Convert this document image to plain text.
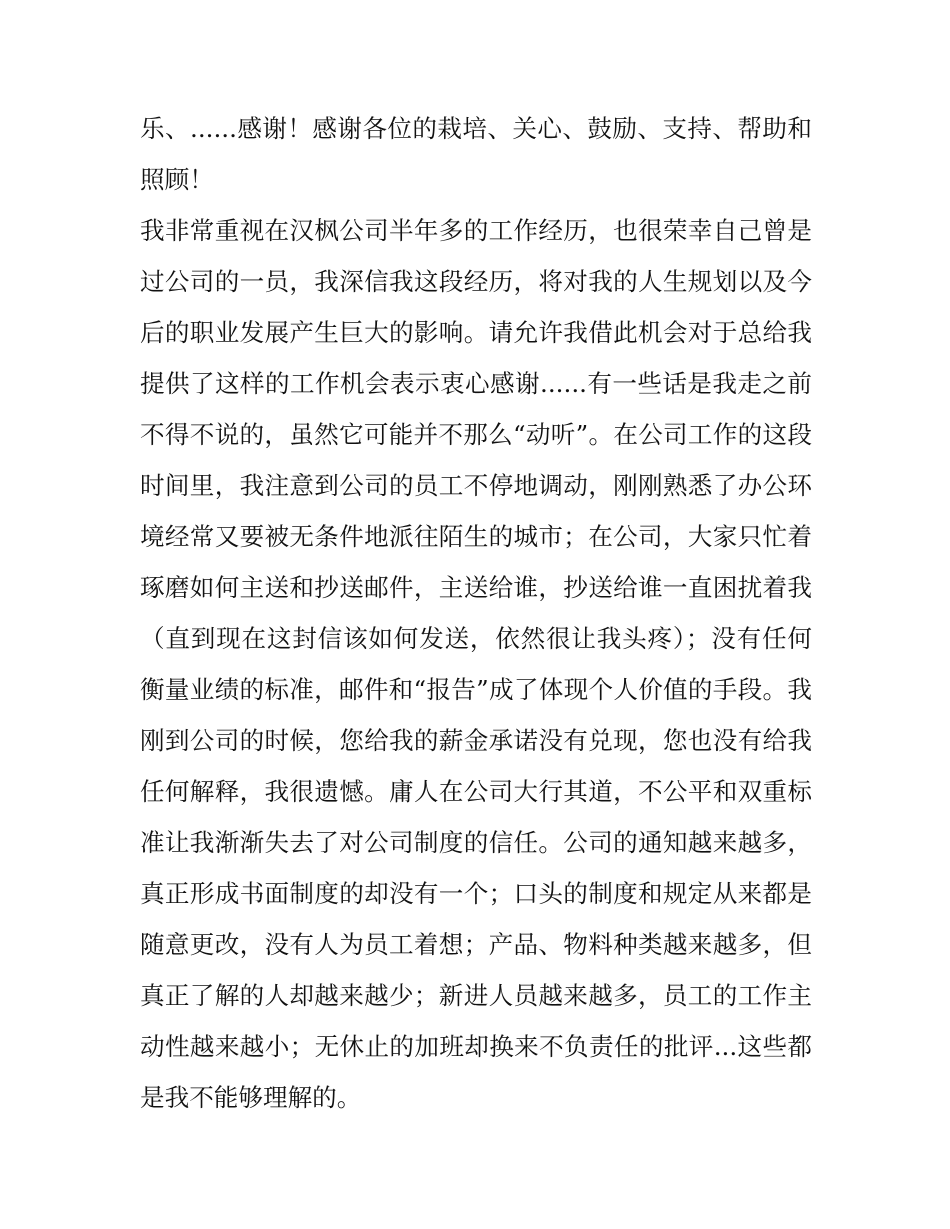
乐、......感谢！感谢各位的栽培、关心、鼓励、支持、帮助和
照顾！
我非常重视在汉枫公司半年多的工作经历，也很荣幸自己曾是
过公司的一员，我深信我这段经历，将对我的人生规划以及今
后的职业发展产生巨大的影响。请允许我借此机会对于总给我
提供了这样的工作机会表示衷心感谢......有一些话是我走之前
不得不说的，虽然它可能并不那么“动听”。在公司工作的这段
时间里，我注意到公司的员工不停地调动，刚刚熟悉了办公环
境经常又要被无条件地派往陌生的城市；在公司，大家只忙着
琢磨如何主送和抄送邮件，主送给谁，抄送给谁一直困扰着我
（直到现在这封信该如何发送，依然很让我头疼）；没有任何
衡量业绩的标准，邮件和“报告”成了体现个人价值的手段。我
刚到公司的时候，您给我的薪金承诺没有兑现，您也没有给我
任何解释，我很遗憾。庸人在公司大行其道，不公平和双重标
准让我渐渐失去了对公司制度的信任。公司的通知越来越多，
真正形成书面制度的却没有一个；口头的制度和规定从来都是
随意更改，没有人为员工着想；产品、物料种类越来越多，但
真正了解的人却越来越少；新进人员越来越多，员工的工作主
动性越来越小；无休止的加班却换来不负责任的批评...这些都
是我不能够理解的。
